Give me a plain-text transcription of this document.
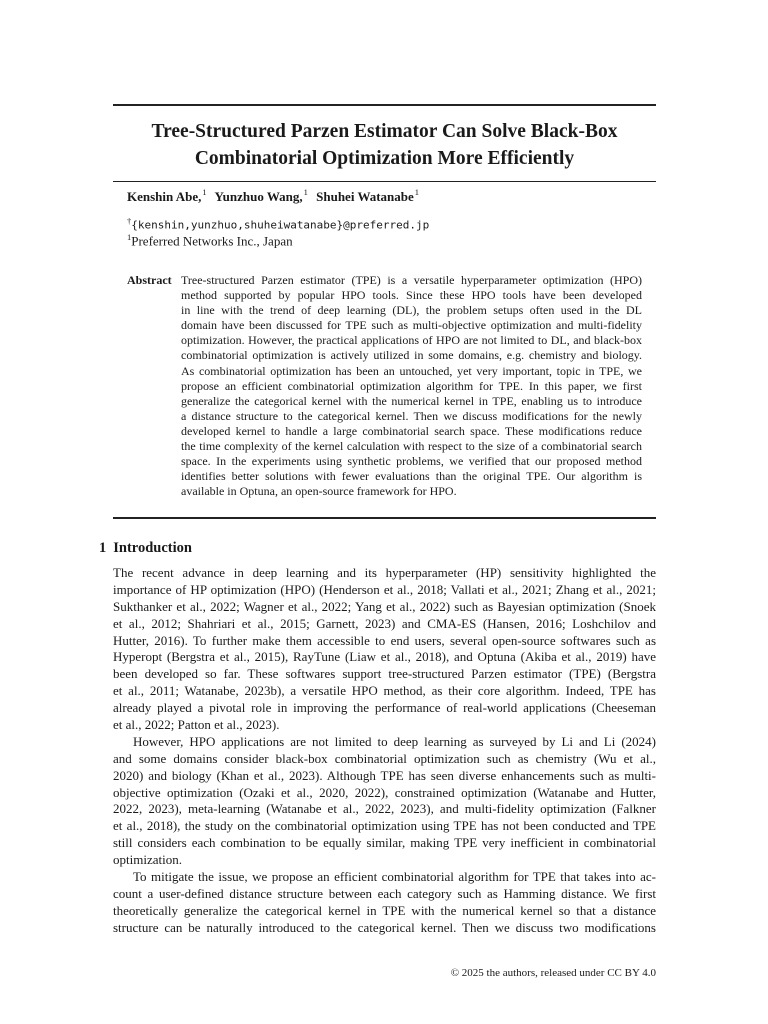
Tree-Structured Parzen Estimator Can Solve Black-Box
Combinatorial Optimization More Efficiently
Kenshin Abe,$^1$ Yunzhuo Wang,$^1$ Shuhei Watanabe$^1$
†{kenshin,yunzhuo,shuheiwatanabe}@preferred.jp
$^1$Preferred Networks Inc., Japan
Abstract Tree-structured Parzen estimator (TPE) is a versatile hyperparameter optimization (HPO)
method supported by popular HPO tools. Since these HPO tools have been developed
in line with the trend of deep learning (DL), the problem setups often used in the DL
domain have been discussed for TPE such as multi-objective optimization and multi-fidelity
optimization. However, the practical applications of HPO are not limited to DL, and black-box
combinatorial optimization is actively utilized in some domains, e.g. chemistry and biology.
As combinatorial optimization has been an untouched, yet very important, topic in TPE, we
propose an efficient combinatorial optimization algorithm for TPE. In this paper, we first
generalize the categorical kernel with the numerical kernel in TPE, enabling us to introduce
a distance structure to the categorical kernel. Then we discuss modifications for the newly
developed kernel to handle a large combinatorial search space. These modifications reduce
the time complexity of the kernel calculation with respect to the size of a combinatorial search
space. In the experiments using synthetic problems, we verified that our proposed method
identifies better solutions with fewer evaluations than the original TPE. Our algorithm is
available in Optuna, an open-source framework for HPO.
1 Introduction
The recent advance in deep learning and its hyperparameter (HP) sensitivity highlighted the
importance of HP optimization (HPO) (Henderson et al., 2018; Vallati et al., 2021; Zhang et al., 2021;
Sukthanker et al., 2022; Wagner et al., 2022; Yang et al., 2022) such as Bayesian optimization (Snoek
et al., 2012; Shahriari et al., 2015; Garnett, 2023) and CMA-ES (Hansen, 2016; Loshchilov and
Hutter, 2016). To further make them accessible to end users, several open-source softwares such as
Hyperopt (Bergstra et al., 2015), RayTune (Liaw et al., 2018), and Optuna (Akiba et al., 2019) have
been developed so far. These softwares support tree-structured Parzen estimator (TPE) (Bergstra
et al., 2011; Watanabe, 2023b), a versatile HPO method, as their core algorithm. Indeed, TPE has
already played a pivotal role in improving the performance of real-world applications (Cheeseman
et al., 2022; Patton et al., 2023).
However, HPO applications are not limited to deep learning as surveyed by Li and Li (2024)
and some domains consider black-box combinatorial optimization such as chemistry (Wu et al.,
2020) and biology (Khan et al., 2023). Although TPE has seen diverse enhancements such as multi-
objective optimization (Ozaki et al., 2020, 2022), constrained optimization (Watanabe and Hutter,
2022, 2023), meta-learning (Watanabe et al., 2022, 2023), and multi-fidelity optimization (Falkner
et al., 2018), the study on the combinatorial optimization using TPE has not been conducted and TPE
still considers each combination to be equally similar, making TPE very inefficient in combinatorial
optimization.
To mitigate the issue, we propose an efficient combinatorial algorithm for TPE that takes into ac-
count a user-defined distance structure between each category such as Hamming distance. We first
theoretically generalize the categorical kernel in TPE with the numerical kernel so that a distance
structure can be naturally introduced to the categorical kernel. Then we discuss two modifications
© 2025 the authors, released under CC BY 4.0
